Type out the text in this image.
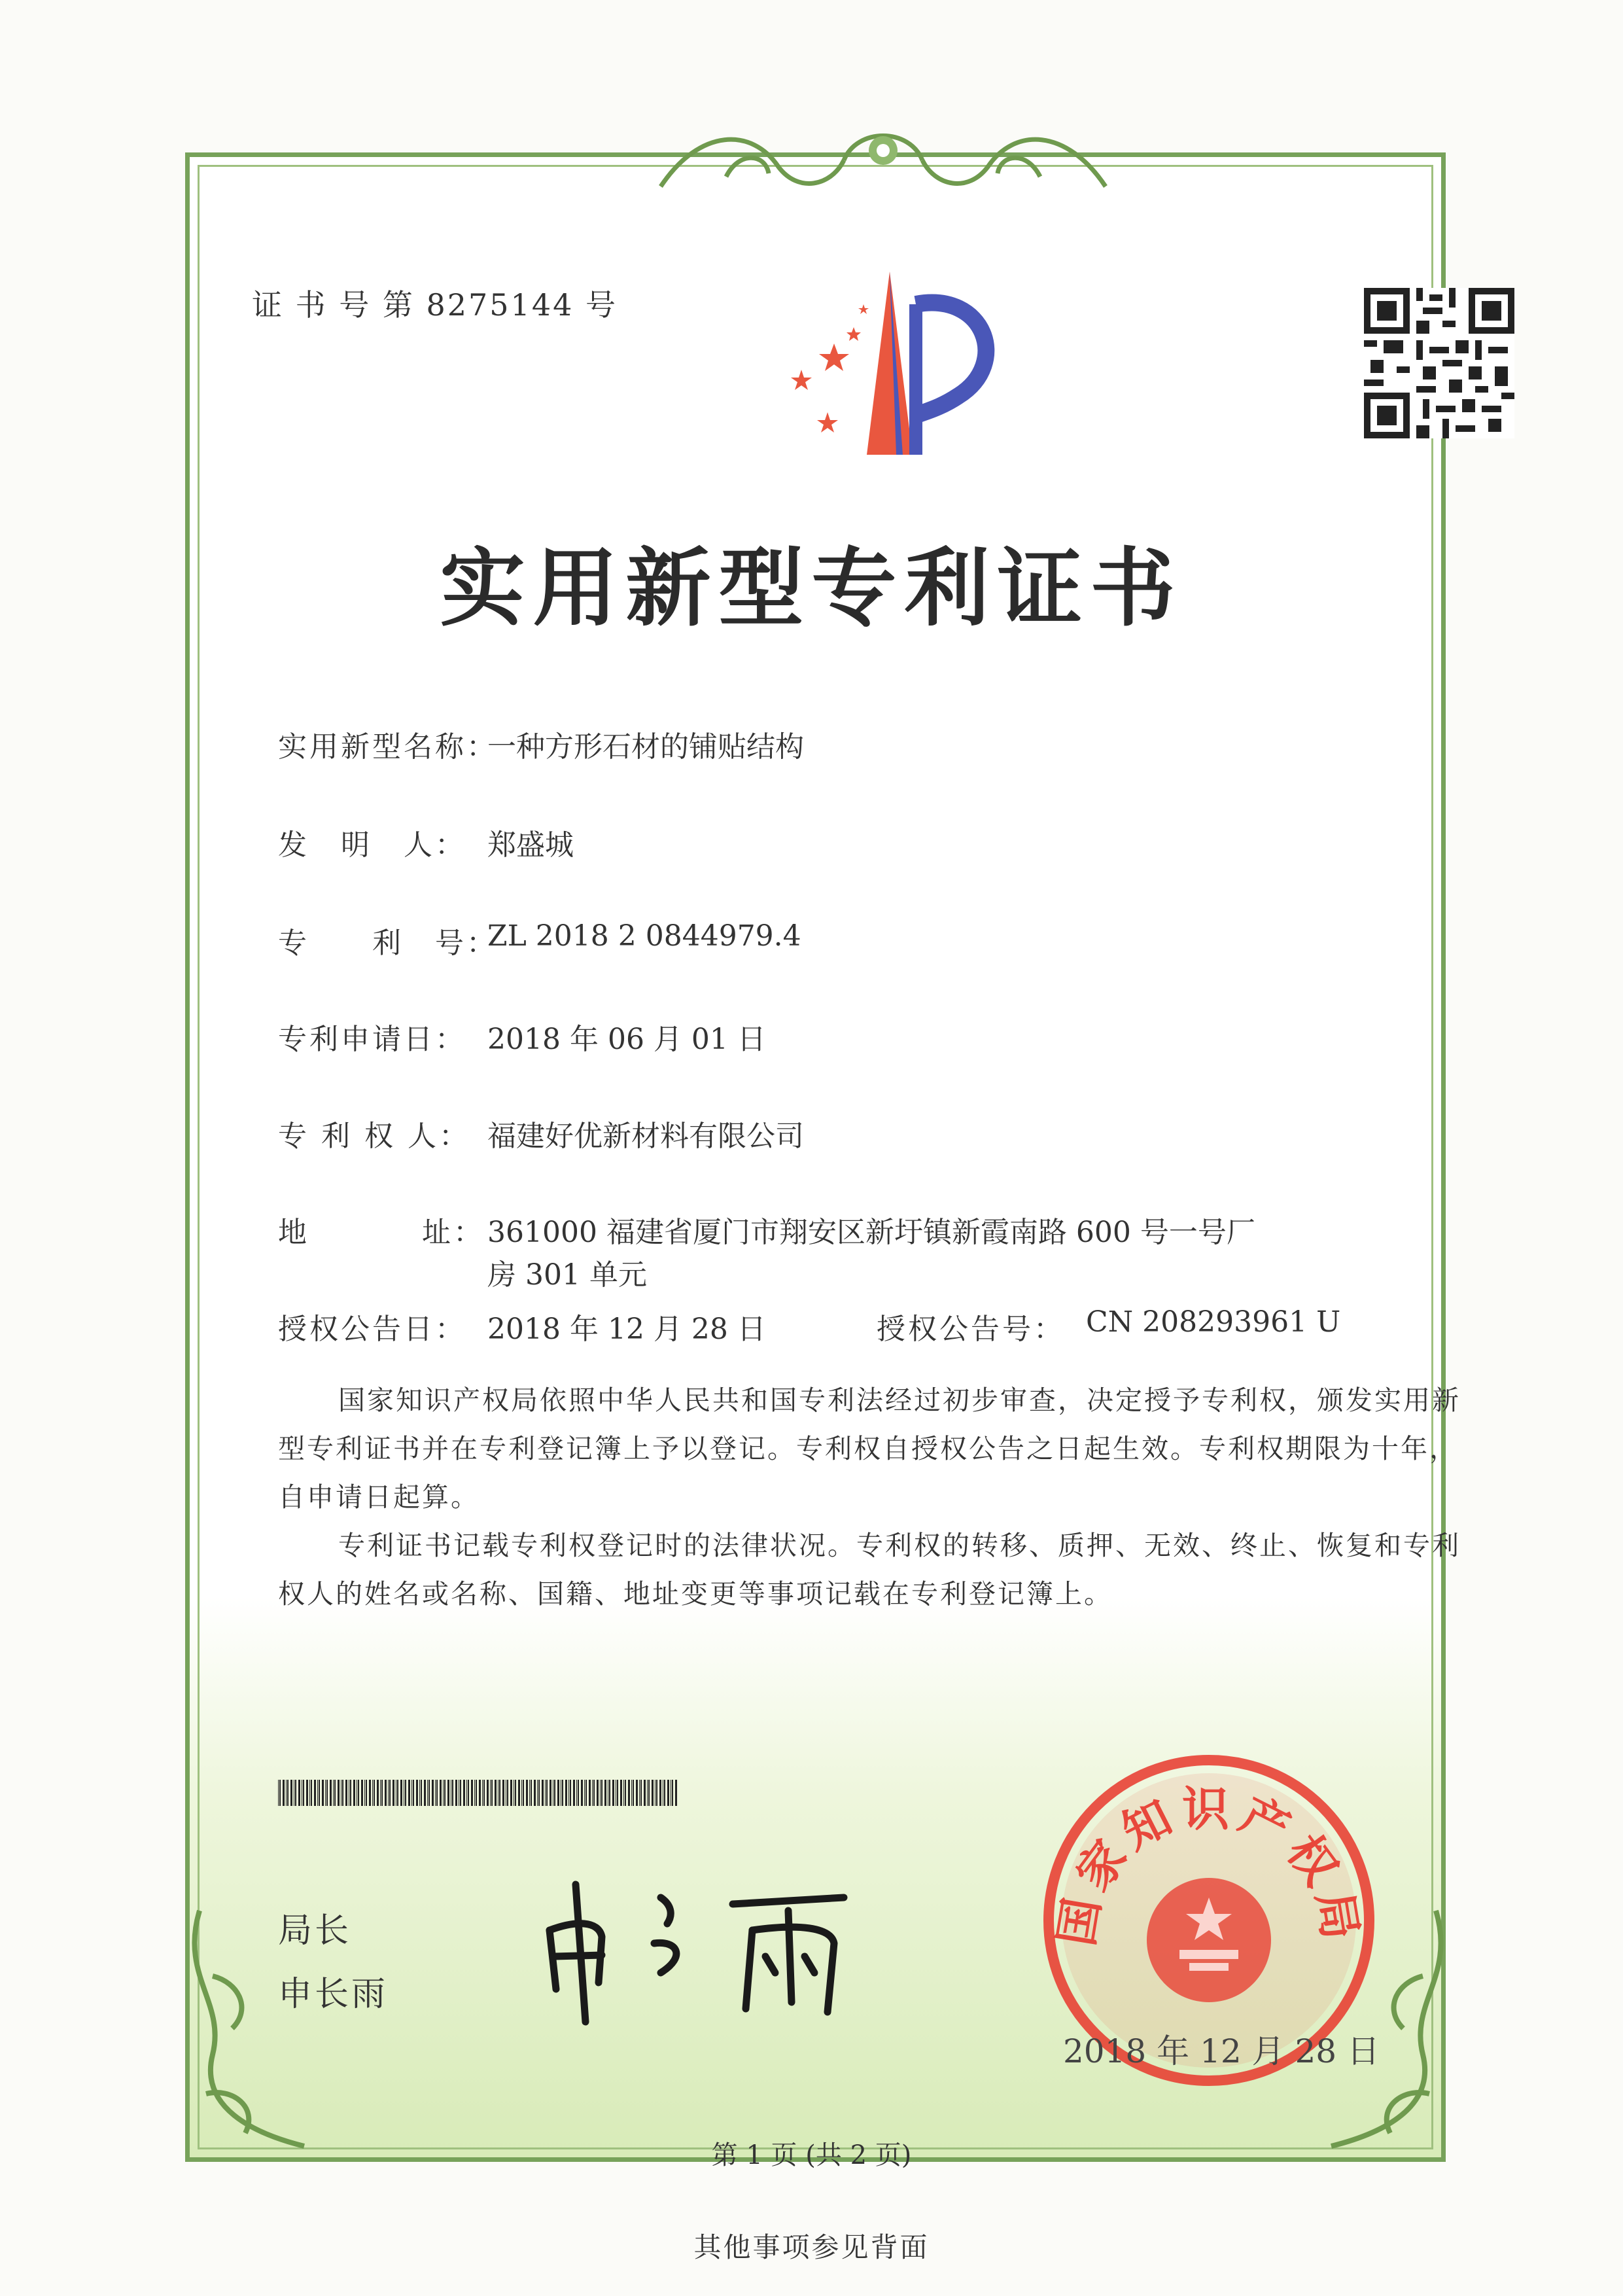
证 书 号 第 8275144 号
实用新型专利证书
实用新型名称：
一种方形石材的铺贴结构
发　明　人： 郑盛城
专　　利　号：
ZL 2018 2 0844979.4
专利申请日： 2018 年 06 月 01 日
专 利 权 人： 福建好优新材料有限公司
地	址： 361000 福建省厦门市翔安区新圩镇新霞南路 600 号一号厂
房 301 单元
授权公告日： 2018 年 12 月 28 日	授权公告号： CN 208293961 U
国家知识产权局依照中华人民共和国专利法经过初步审查，决定授予专利权，颁发实用新型专利证书并在专利登记簿上予以登记。专利权自授权公告之日起生效。专利权期限为十年，自申请日起算。
专利证书记载专利权登记时的法律状况。专利权的转移、质押、无效、终止、恢复和专利权人的姓名或名称、国籍、地址变更等事项记载在专利登记簿上。
局长
申长雨
国家知识产权局
2018 年 12 月 28 日
第 1 页 (共 2 页)
其他事项参见背面
